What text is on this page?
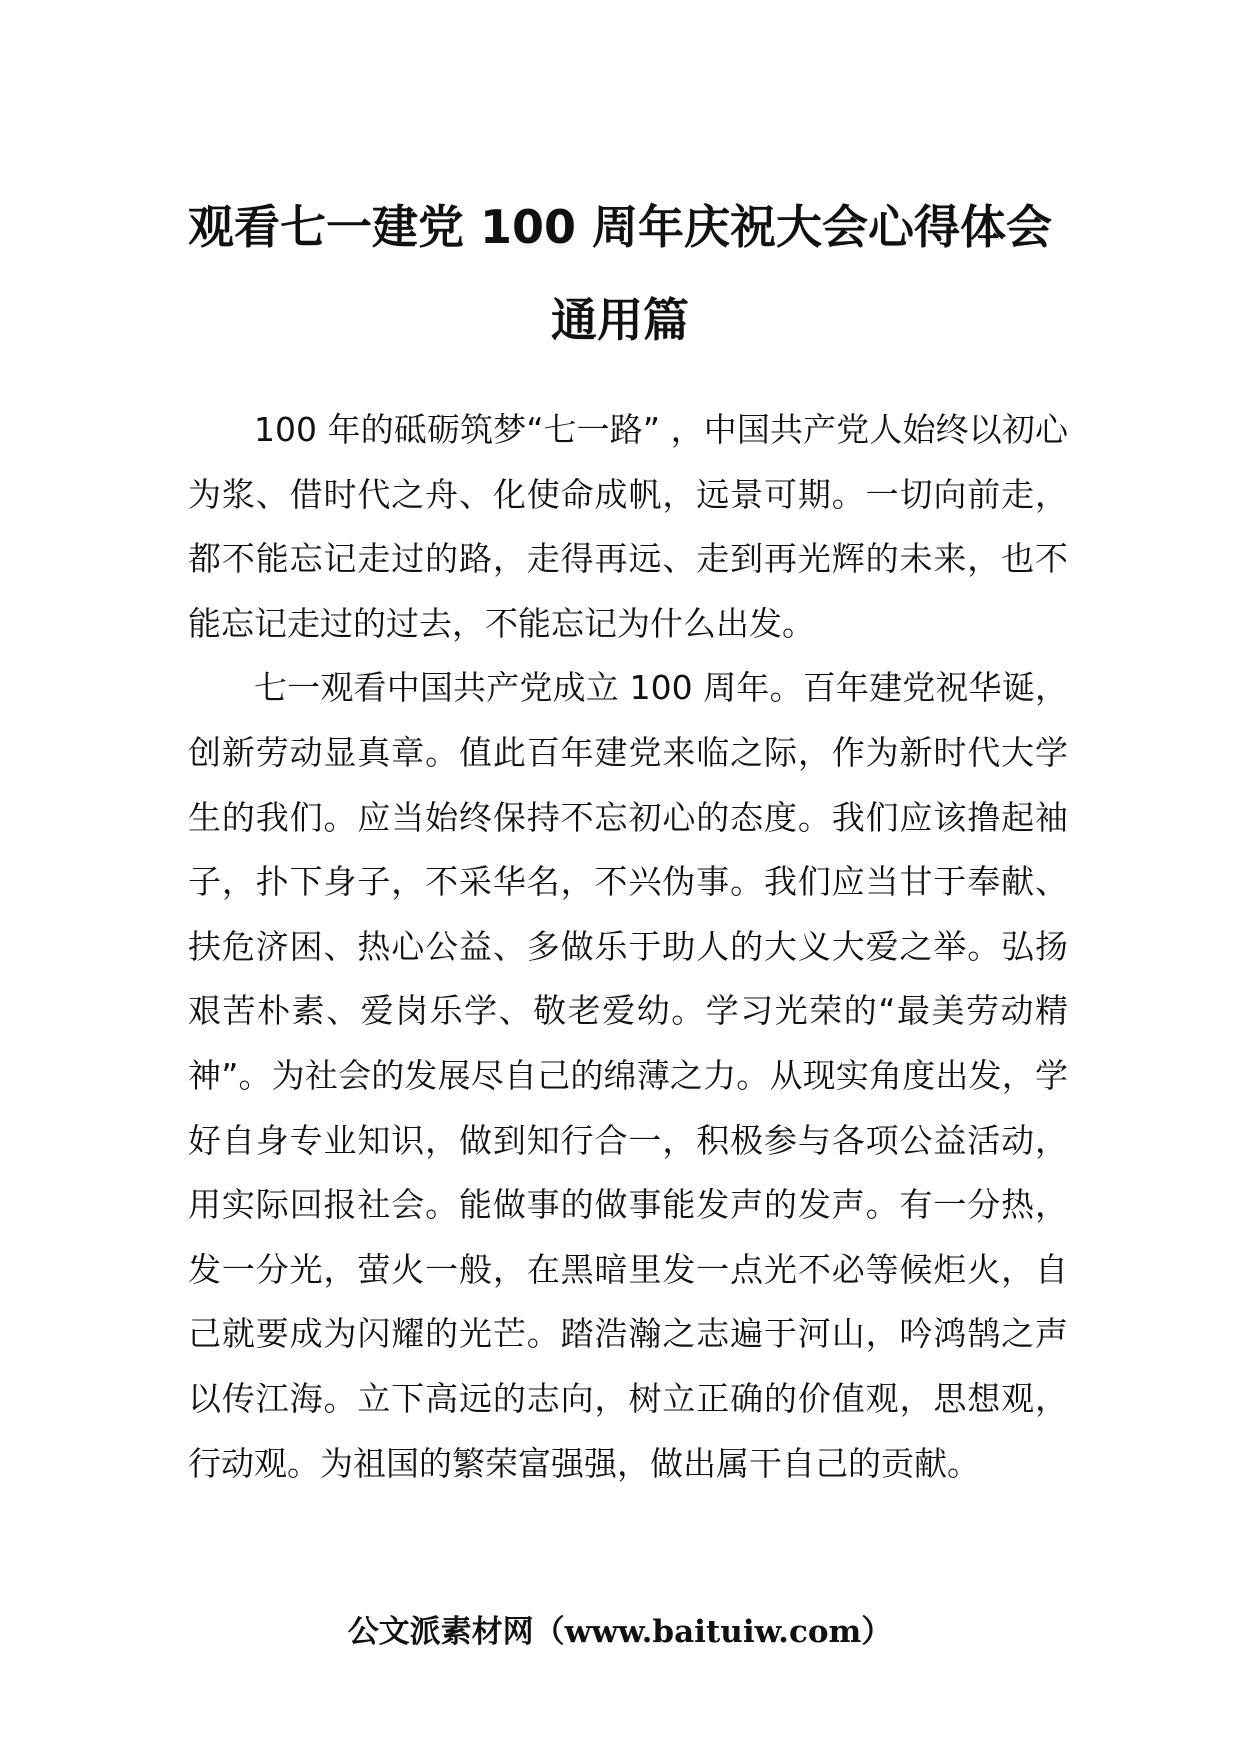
观看七一建党 100 周年庆祝大会心得体会
通用篇

100 年的砥砺筑梦“七一路” ，中国共产党人始终以初心为浆、借时代之舟、化使命成帆，远景可期。一切向前走，都不能忘记走过的路，走得再远、走到再光辉的未来，也不能忘记走过的过去，不能忘记为什么出发。

七一观看中国共产党成立 100 周年。百年建党祝华诞，创新劳动显真章。值此百年建党来临之际，作为新时代大学生的我们。应当始终保持不忘初心的态度。我们应该撸起袖子，扑下身子，不采华名，不兴伪事。我们应当甘于奉献、扶危济困、热心公益、多做乐于助人的大义大爱之举。弘扬艰苦朴素、爱岗乐学、敬老爱幼。学习光荣的“最美劳动精神”。为社会的发展尽自己的绵薄之力。从现实角度出发，学好自身专业知识，做到知行合一，积极参与各项公益活动，用实际回报社会。能做事的做事能发声的发声。有一分热，发一分光，萤火一般，在黑暗里发一点光不必等候炬火，自己就要成为闪耀的光芒。踏浩瀚之志遍于河山，吟鸿鹄之声以传江海。立下高远的志向，树立正确的价值观，思想观，行动观。为祖国的繁荣富强强，做出属干自己的贡献。

公文派素材网（www.baituiw.com）
